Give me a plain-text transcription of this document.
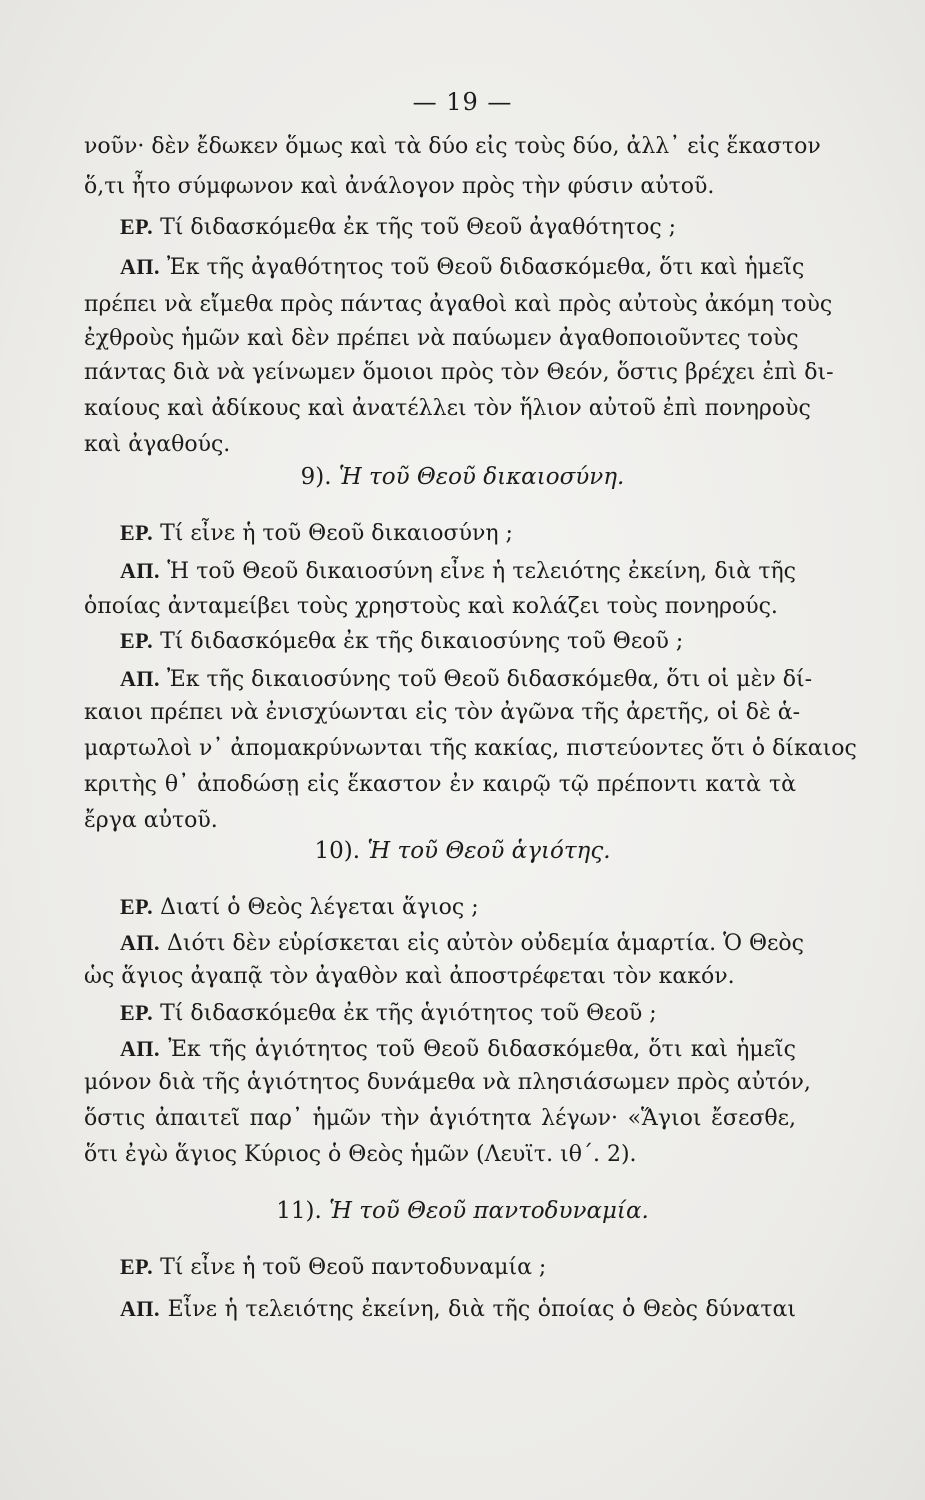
— 19 —
νοῦν· δὲν ἔδωκεν ὅμως καὶ τὰ δύο εἰς τοὺς δύο, ἀλλ᾽ εἰς ἕκαστον
ὅ,τι ἦτο σύμφωνον καὶ ἀνάλογον πρὸς τὴν φύσιν αὐτοῦ.
ΕΡ. Τί διδασκόμεθα ἐκ τῆς τοῦ Θεοῦ ἀγαθότητος ;
ΑΠ. Ἐκ τῆς ἀγαθότητος τοῦ Θεοῦ διδασκόμεθα, ὅτι καὶ ἡμεῖς
πρέπει νὰ εἴμεθα πρὸς πάντας ἀγαθοὶ καὶ πρὸς αὐτοὺς ἀκόμη τοὺς
ἐχθροὺς ἡμῶν καὶ δὲν πρέπει νὰ παύωμεν ἀγαθοποιοῦντες τοὺς
πάντας διὰ νὰ γείνωμεν ὅμοιοι πρὸς τὸν Θεόν, ὅστις βρέχει ἐπὶ δι-
καίους καὶ ἀδίκους καὶ ἀνατέλλει τὸν ἥλιον αὐτοῦ ἐπὶ πονηροὺς
καὶ ἀγαθούς.
9). Ἡ τοῦ Θεοῦ δικαιοσύνη.
ΕΡ. Τί εἶνε ἡ τοῦ Θεοῦ δικαιοσύνη ;
ΑΠ. Ἡ τοῦ Θεοῦ δικαιοσύνη εἶνε ἡ τελειότης ἐκείνη, διὰ τῆς
ὁποίας ἀνταμείβει τοὺς χρηστοὺς καὶ κολάζει τοὺς πονηρούς.
ΕΡ. Τί διδασκόμεθα ἐκ τῆς δικαιοσύνης τοῦ Θεοῦ ;
ΑΠ. Ἐκ τῆς δικαιοσύνης τοῦ Θεοῦ διδασκόμεθα, ὅτι οἱ μὲν δί-
καιοι πρέπει νὰ ἐνισχύωνται εἰς τὸν ἀγῶνα τῆς ἀρετῆς, οἱ δὲ ἁ-
μαρτωλοὶ ν᾽ ἀπομακρύνωνται τῆς κακίας, πιστεύοντες ὅτι ὁ δίκαιος
κριτὴς θ᾽ ἀποδώσῃ εἰς ἕκαστον ἐν καιρῷ τῷ πρέποντι κατὰ τὰ
ἔργα αὐτοῦ.
10). Ἡ τοῦ Θεοῦ ἁγιότης.
ΕΡ. Διατί ὁ Θεὸς λέγεται ἅγιος ;
ΑΠ. Διότι δὲν εὑρίσκεται εἰς αὐτὸν οὐδεμία ἁμαρτία. Ὁ Θεὸς
ὡς ἅγιος ἀγαπᾷ τὸν ἀγαθὸν καὶ ἀποστρέφεται τὸν κακόν.
ΕΡ. Τί διδασκόμεθα ἐκ τῆς ἁγιότητος τοῦ Θεοῦ ;
ΑΠ. Ἐκ τῆς ἁγιότητος τοῦ Θεοῦ διδασκόμεθα, ὅτι καὶ ἡμεῖς
μόνον διὰ τῆς ἁγιότητος δυνάμεθα νὰ πλησιάσωμεν πρὸς αὐτόν,
ὅστις ἀπαιτεῖ παρ᾽ ἡμῶν τὴν ἁγιότητα λέγων· «Ἅγιοι ἔσεσθε,
ὅτι ἐγὼ ἅγιος Κύριος ὁ Θεὸς ἡμῶν (Λευϊτ. ιθ΄. 2).
11). Ἡ τοῦ Θεοῦ παντοδυναμία.
ΕΡ. Τί εἶνε ἡ τοῦ Θεοῦ παντοδυναμία ;
ΑΠ. Εἶνε ἡ τελειότης ἐκείνη, διὰ τῆς ὁποίας ὁ Θεὸς δύναται
